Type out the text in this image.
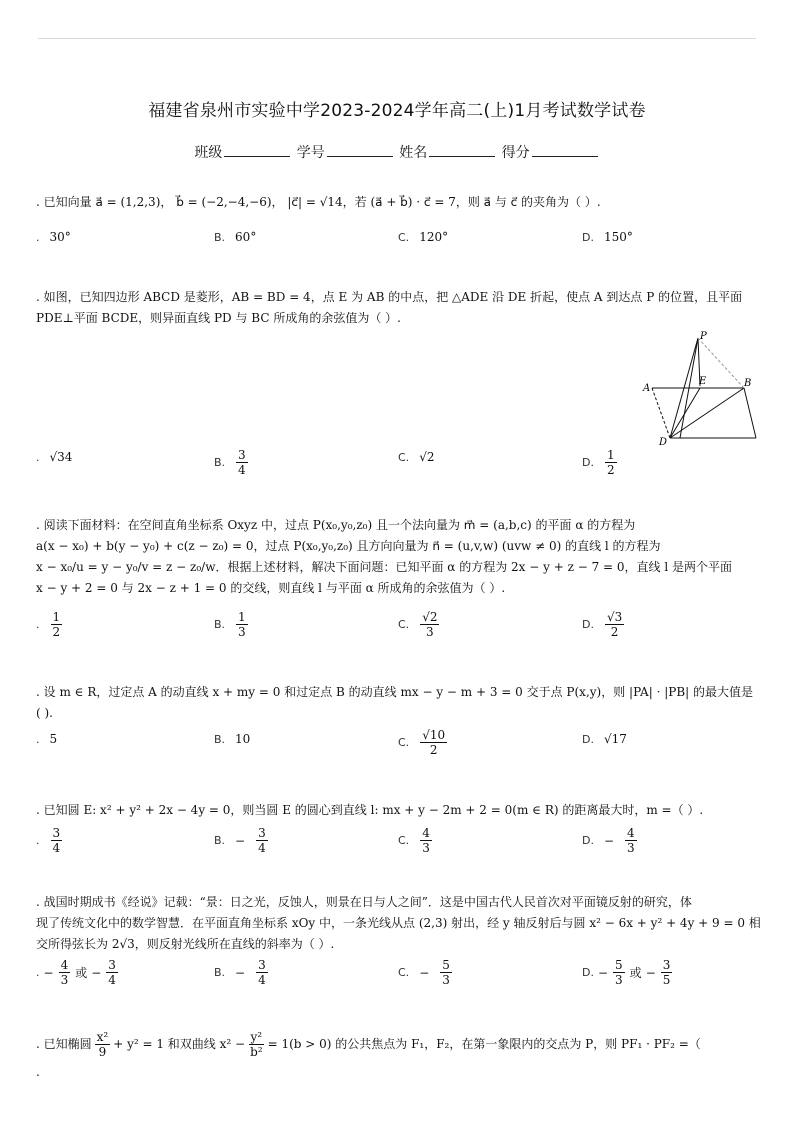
福建省泉州市实验中学2023-2024学年高二(上)1月考试数学试卷
班级	学号	姓名	得分
. 已知向量 a⃗ = (1,2,3)， b⃗ = (−2,−4,−6)， |c⃗| = √14，若 (a⃗ + b⃗) · c⃗ = 7，则 a⃗ 与 c⃗ 的夹角为（ ）.
. 30°	B. 60°	C. 120°	D. 150°
. 如图，已知四边形 ABCD 是菱形，AB = BD = 4，点 E 为 AB 的中点，把 △ADE 沿 DE 折起，使点 A 到达点 P 的位置，且平面
PDE⊥平面 BCDE，则异面直线 PD 与 BC 所成角的余弦值为（ ）.
P
A
E	B
D
. √34	B. $\frac{3}{4}$	C. √2	D. $\frac{1}{2}$
. 阅读下面材料：在空间直角坐标系 Oxyz 中，过点 P(x₀,y₀,z₀) 且一个法向量为 m⃗ = (a,b,c) 的平面 α 的方程为
a(x − x₀) + b(y − y₀) + c(z − z₀) = 0，过点 P(x₀,y₀,z₀) 且方向向量为 n⃗ = (u,v,w) (uvw ≠ 0) 的直线 l 的方程为
x − x₀/u = y − y₀/v = z − z₀/w．根据上述材料，解决下面问题：已知平面 α 的方程为 2x − y + z − 7 = 0，直线 l 是两个平面
x − y + 2 = 0 与 2x − z + 1 = 0 的交线，则直线 l 与平面 α 所成角的余弦值为（ ）.
. $\frac{1}{2}$	B. $\frac{1}{3}$	C. $\frac{√2}{3}$	D. $\frac{√3}{2}$
. 设 m ∈ R，过定点 A 的动直线 x + my = 0 和过定点 B 的动直线 mx − y − m + 3 = 0 交于点 P(x,y)，则 |PA| · |PB| 的最大值是
( ).
. 5	B. 10	C. $\frac{√10}{2}$	D. √17
. 已知圆 E: x² + y² + 2x − 4y = 0，则当圆 E 的圆心到直线 l: mx + y − 2m + 2 = 0(m ∈ R) 的距离最大时，m =（ ）.
. $\frac{3}{4}$	B. − $\frac{3}{4}$	C. $\frac{4}{3}$	D. − $\frac{4}{3}$
. 战国时期成书《经说》记载：“景：日之光，反蚀人，则景在日与人之间”．这是中国古代人民首次对平面镜反射的研究，体
现了传统文化中的数学智慧．在平面直角坐标系 xOy 中，一条光线从点 (2,3) 射出，经 y 轴反射后与圆 x² − 6x + y² + 4y + 9 = 0 相
交所得弦长为 2√3，则反射光线所在直线的斜率为（ ）.
. − $\frac{4}{3}$ 或 − $\frac{3}{4}$	B. − $\frac{3}{4}$	C. − $\frac{5}{3}$	D. − $\frac{5}{3}$ 或 − $\frac{3}{5}$
. 已知椭圆 $\frac{\text{x²}}{9} + y^2 = 1$ 和双曲线 $x^2 - \frac{\text{y²}}{\text{b²}} = 1(b > 0)$ 的公共焦点为 F₁，F₂，在第一象限内的交点为 P，则 PF₁ · PF₂ =（
.
